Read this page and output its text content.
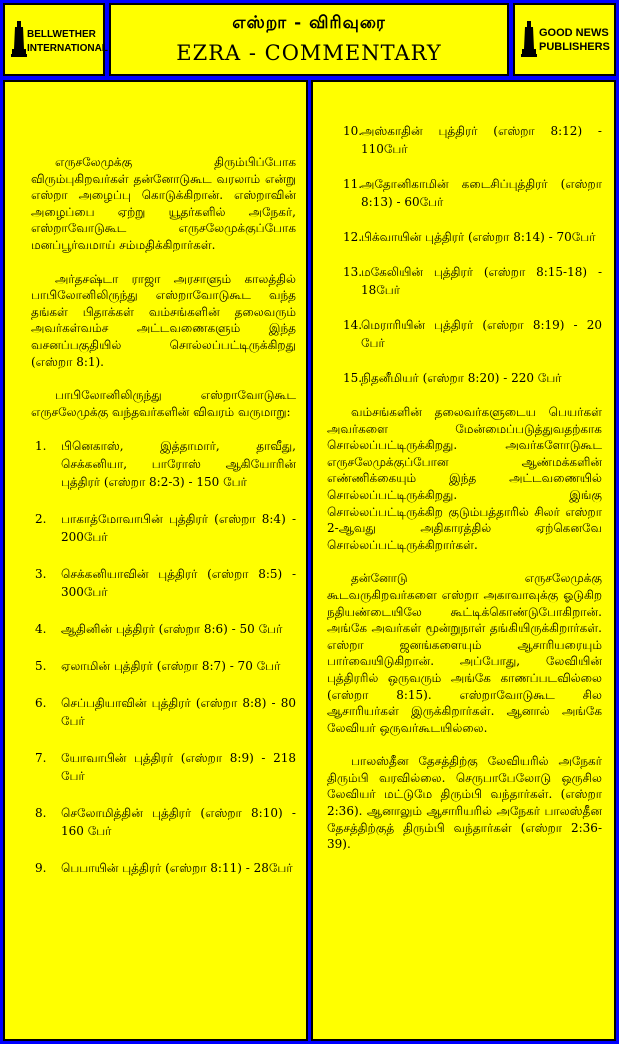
BELLWETHER
INTERNATIONAL
எஸ்றா - விரிவுரை
EZRA - COMMENTARY
GOOD NEWS
PUBLISHERS

எருசலேமுக்கு திரும்பிப்போக விரும்புகிறவர்கள் தன்னோடுகூட வரலாம் என்று எஸ்றா அழைப்பு கொடுக்கிறான். எஸ்றாவின் அழைப்பை ஏற்று யூதர்களில் அநேகர், எஸ்றாவோடுகூட எருசலேமுக்குப்போக மனப்பூர்வமாய் சம்மதிக்கிறார்கள்.

அர்தசஷ்டா ராஜா அரசாளும் காலத்தில் பாபிலோனிலிருந்து எஸ்றாவோடுகூட வந்த தங்கள் பிதாக்கள் வம்சங்களின் தலைவரும் அவர்கள்வம்ச அட்டவணைகளும் இந்த வசனப்பகுதியில் சொல்லப்பட்டிருக்கிறது (எஸ்றா 8:1).

பாபிலோனிலிருந்து எஸ்றாவோடுகூட எருசலேமுக்கு வந்தவர்களின் விவரம் வருமாறு:

1. பினெகாஸ், இத்தாமார், தாவீது, செக்கனியா, பாரோஸ் ஆகியோரின் புத்திரர் (எஸ்றா 8:2-3) - 150 பேர்
2. பாகாத்மோவாபின் புத்திரர் (எஸ்றா 8:4) - 200பேர்
3. செக்கனியாவின் புத்திரர் (எஸ்றா 8:5) - 300பேர்
4. ஆதினின் புத்திரர் (எஸ்றா 8:6) - 50 பேர்
5. ஏலாமின் புத்திரர் (எஸ்றா 8:7) - 70 பேர்
6. செப்பதியாவின் புத்திரர் (எஸ்றா 8:8) - 80 பேர்
7. யோவாபின் புத்திரர் (எஸ்றா 8:9) - 218 பேர்
8. செலோமித்தின் புத்திரர் (எஸ்றா 8:10) - 160 பேர்
9. பெபாயின் புத்திரர் (எஸ்றா 8:11) - 28பேர்
10.
அஸ்காதின் புத்திரர் (எஸ்றா 8:12) - 110பேர்
11.
அதோனிகாமின் கடைசிப்புத்திரர் (எஸ்றா 8:13) - 60பேர்
12.
பிக்வாயின் புத்திரர் (எஸ்றா 8:14) - 70பேர்
13.
மகேலியின் புத்திரர் (எஸ்றா 8:15-18) - 18பேர்
14.
மெராரியின் புத்திரர் (எஸ்றா 8:19) - 20 பேர்
15.
நிதனீமியர் (எஸ்றா 8:20) - 220 பேர்

வம்சங்களின் தலைவர்களுடைய பெயர்கள் அவர்களை மேன்மைப்படுத்துவதற்காக சொல்லப்பட்டிருக்கிறது. அவர்களோடுகூட எருசலேமுக்குப்போன ஆண்மக்களின் எண்ணிக்கையும் இந்த அட்டவணையில் சொல்லப்பட்டிருக்கிறது. இங்கு சொல்லப்பட்டிருக்கிற குடும்பத்தாரில் சிலர் எஸ்றா 2-ஆவது அதிகாரத்தில் ஏற்கெனவே சொல்லப்பட்டிருக்கிறார்கள்.

தன்னோடு எருசலேமுக்கு கூடவருகிறவர்களை எஸ்றா அகாவாவுக்கு ஓடுகிற நதியண்டையிலே கூட்டிக்கொண்டுபோகிறான். அங்கே அவர்கள் மூன்றுநாள் தங்கியிருக்கிறார்கள். எஸ்றா ஜனங்களையும் ஆசாரியரையும் பார்வையிடுகிறான். அப்போது, லேவியின் புத்திரரில் ஒருவரும் அங்கே காணப்படவில்லை (எஸ்றா 8:15). எஸ்றாவோடுகூட சில ஆசாரியர்கள் இருக்கிறார்கள். ஆனால் அங்கே லேவியர் ஒருவர்கூடயில்லை.

பாலஸ்தீன தேசத்திற்கு லேவியரில் அநேகர் திரும்பி வரவில்லை. செருபாபேலோடு ஒருசில லேவியர் மட்டுமே திரும்பி வந்தார்கள். (எஸ்றா 2:36). ஆனாலும் ஆசாரியரில் அநேகர் பாலஸ்தீன தேசத்திற்குத் திரும்பி வந்தார்கள் (எஸ்றா 2:36-39).
